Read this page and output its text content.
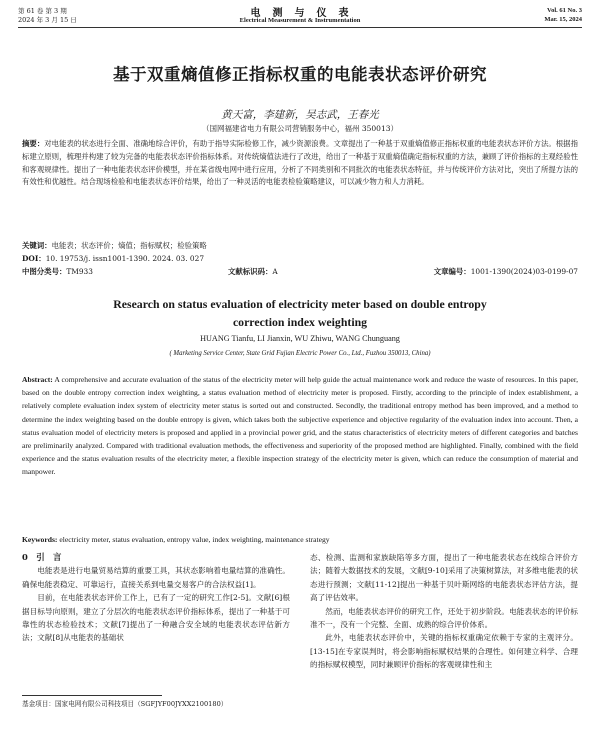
第 61 卷 第 3 期
2024 年 3 月 15 日
电　测　与　仪　表
Electrical Measurement & Instrumentation
Vol. 61 No. 3
Mar. 15, 2024
基于双重熵值修正指标权重的电能表状态评价研究
黄天富，李建新，吴志武，王春光
（国网福建省电力有限公司营销服务中心，福州 350013）
摘要：对电能表的状态进行全面、准确地综合评价，有助于指导实际检修工作，减少资源浪费。文章提出了一种基于双重熵值修正指标权重的电能表状态评价方法。根据指标建立原则，梳理并构建了较为完备的电能表状态评价指标体系。对传统熵值法进行了改进，给出了一种基于双重熵值确定指标权重的方法，兼顾了评价指标的主观经验性和客观规律性。提出了一种电能表状态评价模型，并在某省级电网中进行应用，分析了不同类别和不同批次的电能表状态特征，并与传统评价方法对比，突出了所提方法的有效性和优越性。结合现场检验和电能表状态评价结果，给出了一种灵活的电能表检验策略建议，可以减少物力和人力消耗。
关键词：电能表；状态评价；熵值；指标赋权；检验策略
DOI：10. 19753/j. issn1001-1390. 2024. 03. 027
中图分类号：TM933	文献标识码：A	文章编号：1001-1390(2024)03-0199-07
Research on status evaluation of electricity meter based on double entropy correction index weighting
HUANG Tianfu, LI Jianxin, WU Zhiwu, WANG Chunguang
( Marketing Service Center, State Grid Fujian Electric Power Co., Ltd., Fuzhou 350013, China)
Abstract: A comprehensive and accurate evaluation of the status of the electricity meter will help guide the actual maintenance work and reduce the waste of resources. In this paper, based on the double entropy correction index weighting, a status evaluation method of electricity meter is proposed. Firstly, according to the principle of index establishment, a relatively complete evaluation index system of electricity meter status is sorted out and constructed. Secondly, the traditional entropy method has been improved, and a method to determine the index weighting based on the double entropy is given, which takes both the subjective experience and objective regularity of the evaluation index into account. Then, a status evaluation model of electricity meters is proposed and applied in a provincial power grid, and the status characteristics of electricity meters of different categories and batches are preliminarily analyzed. Compared with traditional evaluation methods, the effectiveness and superiority of the proposed method are highlighted. Finally, combined with the field experience and the status evaluation results of the electricity meter, a flexible inspection strategy of the electricity meter is given, which can reduce the consumption of material and manpower.
Keywords: electricity meter, status evaluation, entropy value, index weighting, maintenance strategy
0　引　言

电能表是进行电量贸易结算的重要工具，其状态影响着电量结算的准确性。确保电能表稳定、可靠运行，直接关系到电量交易客户的合法权益[1]。

目前，在电能表状态评价工作上，已有了一定的研究工作[2-5]。文献[6]根据目标导向原则，建立了分层次的电能表状态评价指标体系，提出了一种基于可靠性的状态检验技术；文献[7]提出了一种融合安全域的电能表状态评估新方法；文献[8]从电能表的基础状

态、检测、监测和家族缺陷等多方面，提出了一种电能表状态在线综合评价方法；随着大数据技术的发展，文献[9-10]采用了决策树算法，对多维电能表的状态进行预测；文献[11-12]提出一种基于贝叶斯网络的电能表状态评估方法，提高了评估效率。

然而，电能表状态评价的研究工作，还处于初步阶段。电能表状态的评价标准不一，没有一个完整、全面、成熟的综合评价体系。

此外，电能表状态评价中，关键的指标权重确定依赖于专家的主观评分。[13-15]在专家误判时，将会影响指标赋权结果的合理性。如何建立科学、合理的指标赋权模型，同时兼顾评价指标的客观规律性和主

基金项目：国家电网有限公司科技项目（SGFJYF00JYXX2100180）
